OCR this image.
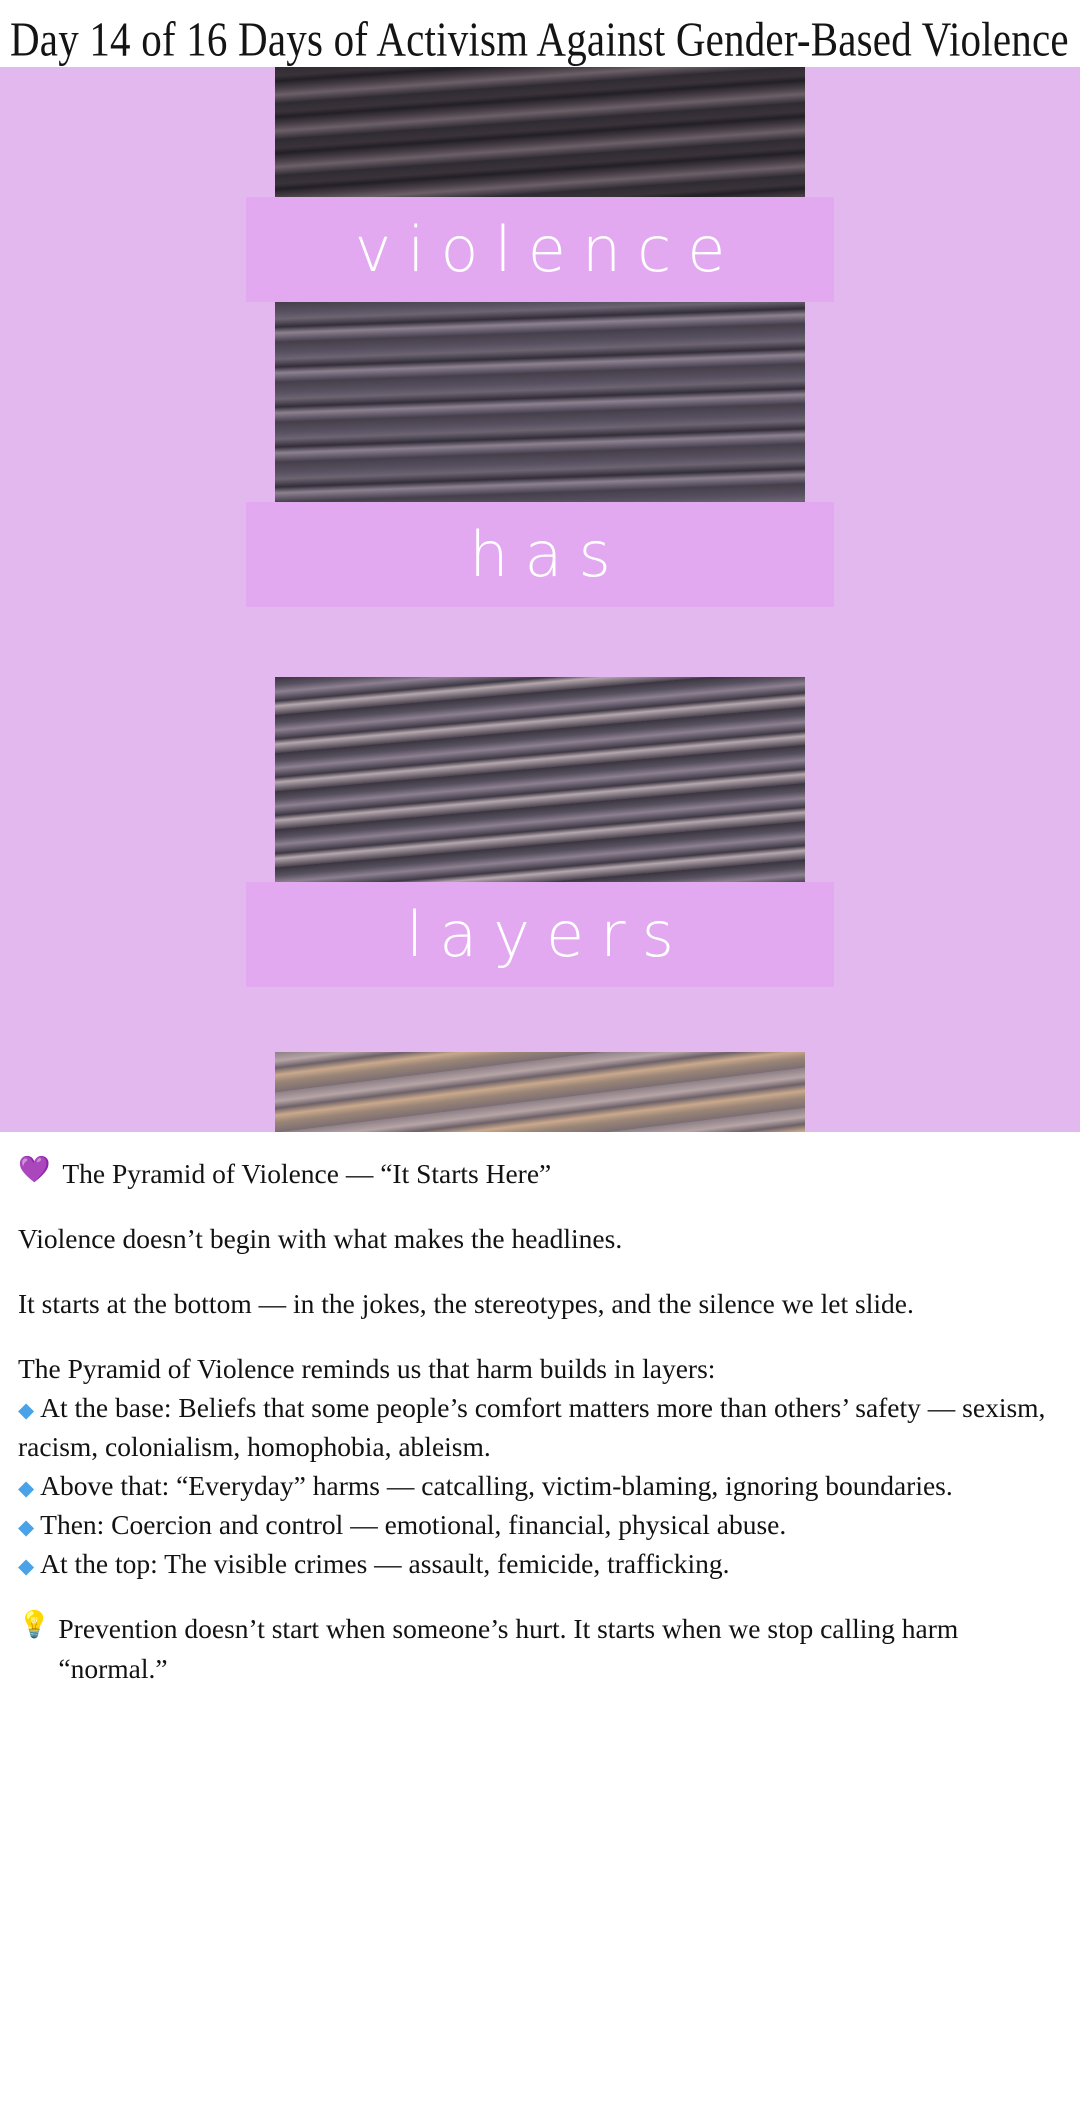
Day 14 of 16 Days of Activism Against Gender-Based Violence
violence
has
layers
💜 The Pyramid of Violence — “It Starts Here”
Violence doesn’t begin with what makes the headlines.
It starts at the bottom — in the jokes, the stereotypes, and the silence we let slide.
The Pyramid of Violence reminds us that harm builds in layers:
◆ At the base: Beliefs that some people’s comfort matters more than others’ safety — sexism, racism, colonialism, homophobia, ableism.
◆ Above that: “Everyday” harms — catcalling, victim-blaming, ignoring boundaries.
◆ Then: Coercion and control — emotional, financial, physical abuse.
◆ At the top: The visible crimes — assault, femicide, trafficking.
💡 Prevention doesn’t start when someone’s hurt. It starts when we stop calling harm “normal.”
